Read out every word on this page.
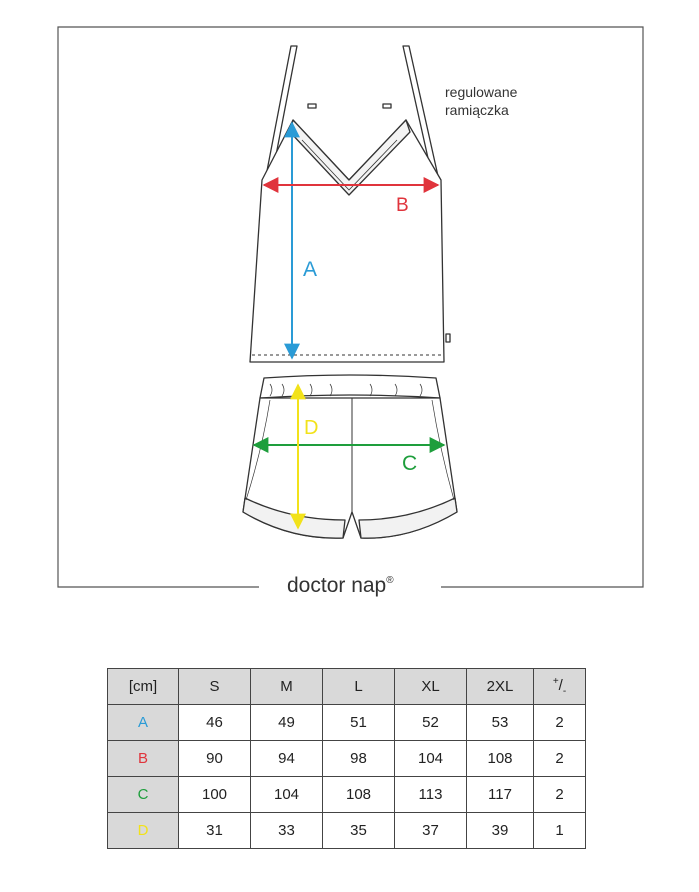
A
B
C
D
regulowane
ramiączka
doctor nap®
[cm]	S	M	L	XL	2XL	$^+/_-$
A	46	49	51	52	53	2
B	90	94	98	104	108	2
C	100	104	108	113	117	2
D	31	33	35	37	39	1
